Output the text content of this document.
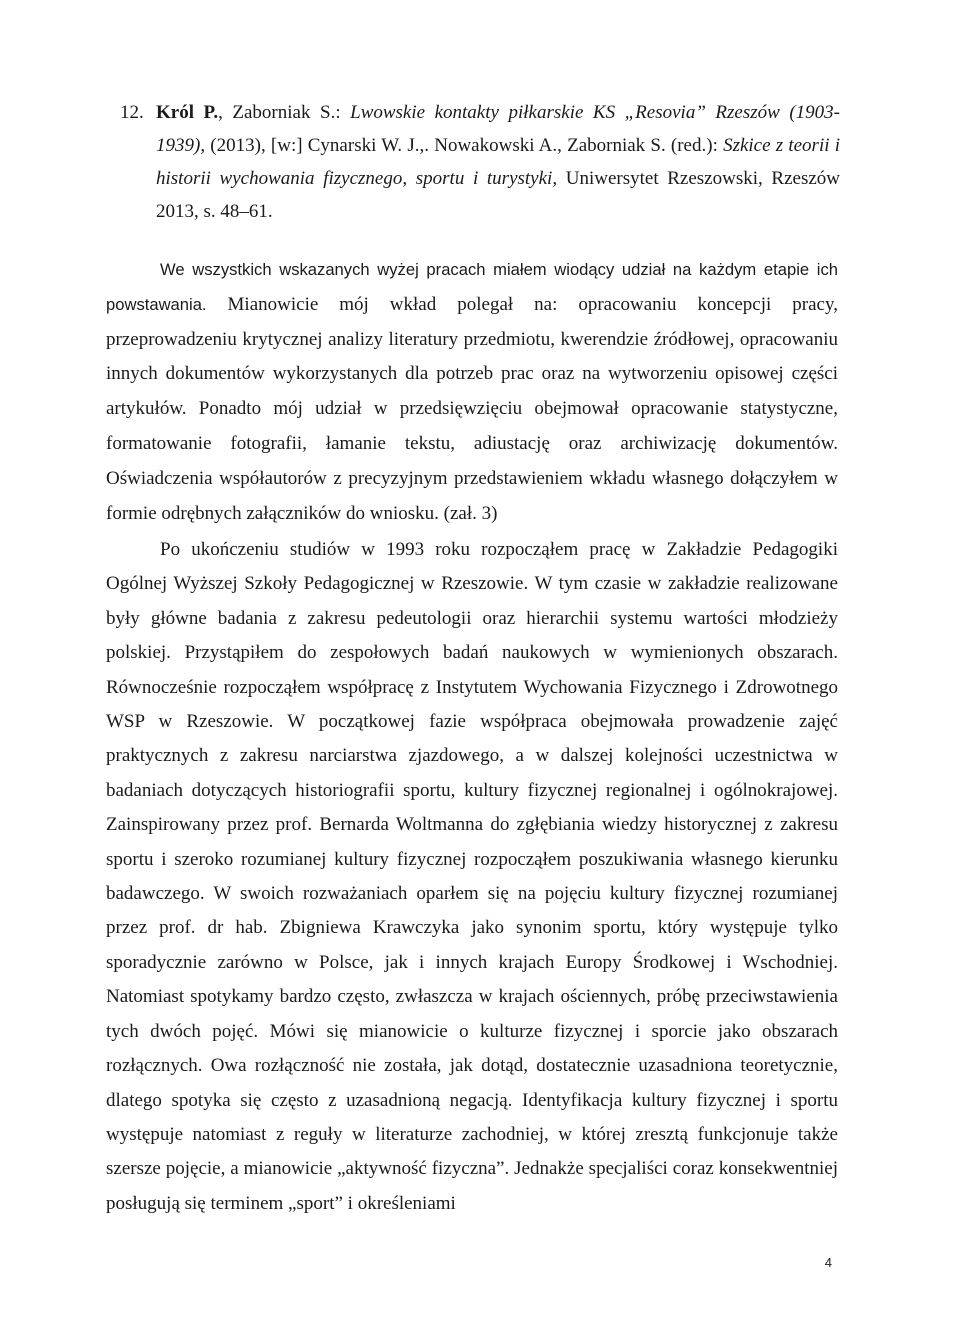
12. Król P., Zaborniak S.: Lwowskie kontakty piłkarskie KS „Resovia” Rzeszów (1903-1939), (2013), [w:] Cynarski W. J.,. Nowakowski A., Zaborniak S. (red.): Szkice z teorii i historii wychowania fizycznego, sportu i turystyki, Uniwersytet Rzeszowski, Rzeszów 2013, s. 48–61.
We wszystkich wskazanych wyżej pracach miałem wiodący udział na każdym etapie ich powstawania. Mianowicie mój wkład polegał na: opracowaniu koncepcji pracy, przeprowadzeniu krytycznej analizy literatury przedmiotu, kwerendzie źródłowej, opracowaniu innych dokumentów wykorzystanych dla potrzeb prac oraz na wytworzeniu opisowej części artykułów. Ponadto mój udział w przedsięwzięciu obejmował opracowanie statystyczne, formatowanie fotografii, łamanie tekstu, adiustację oraz archiwizację dokumentów. Oświadczenia współautorów z precyzyjnym przedstawieniem wkładu własnego dołączyłem w formie odrębnych załączników do wniosku. (zał. 3)
Po ukończeniu studiów w 1993 roku rozpocząłem pracę w Zakładzie Pedagogiki Ogólnej Wyższej Szkoły Pedagogicznej w Rzeszowie. W tym czasie w zakładzie realizowane były główne badania z zakresu pedeutologii oraz hierarchii systemu wartości młodzieży polskiej. Przystąpiłem do zespołowych badań naukowych w wymienionych obszarach. Równocześnie rozpocząłem współpracę z Instytutem Wychowania Fizycznego i Zdrowotnego WSP w Rzeszowie. W początkowej fazie współpraca obejmowała prowadzenie zajęć praktycznych z zakresu narciarstwa zjazdowego, a w dalszej kolejności uczestnictwa w badaniach dotyczących historiografii sportu, kultury fizycznej regionalnej i ogólnokrajowej. Zainspirowany przez prof. Bernarda Woltmanna do zgłębiania wiedzy historycznej z zakresu sportu i szeroko rozumianej kultury fizycznej rozpocząłem poszukiwania własnego kierunku badawczego. W swoich rozważaniach oparłem się na pojęciu kultury fizycznej rozumianej przez prof. dr hab. Zbigniewa Krawczyka jako synonim sportu, który występuje tylko sporadycznie zarówno w Polsce, jak i innych krajach Europy Środkowej i Wschodniej. Natomiast spotykamy bardzo często, zwłaszcza w krajach ościennych, próbę przeciwstawienia tych dwóch pojęć. Mówi się mianowicie o kulturze fizycznej i sporcie jako obszarach rozłącznych. Owa rozłączność nie została, jak dotąd, dostatecznie uzasadniona teoretycznie, dlatego spotyka się często z uzasadnioną negacją. Identyfikacja kultury fizycznej i sportu występuje natomiast z reguły w literaturze zachodniej, w której zresztą funkcjonuje także szersze pojęcie, a mianowicie „aktywność fizyczna”. Jednakże specjaliści coraz konsekwentniej posługują się terminem „sport” i określeniami
4
